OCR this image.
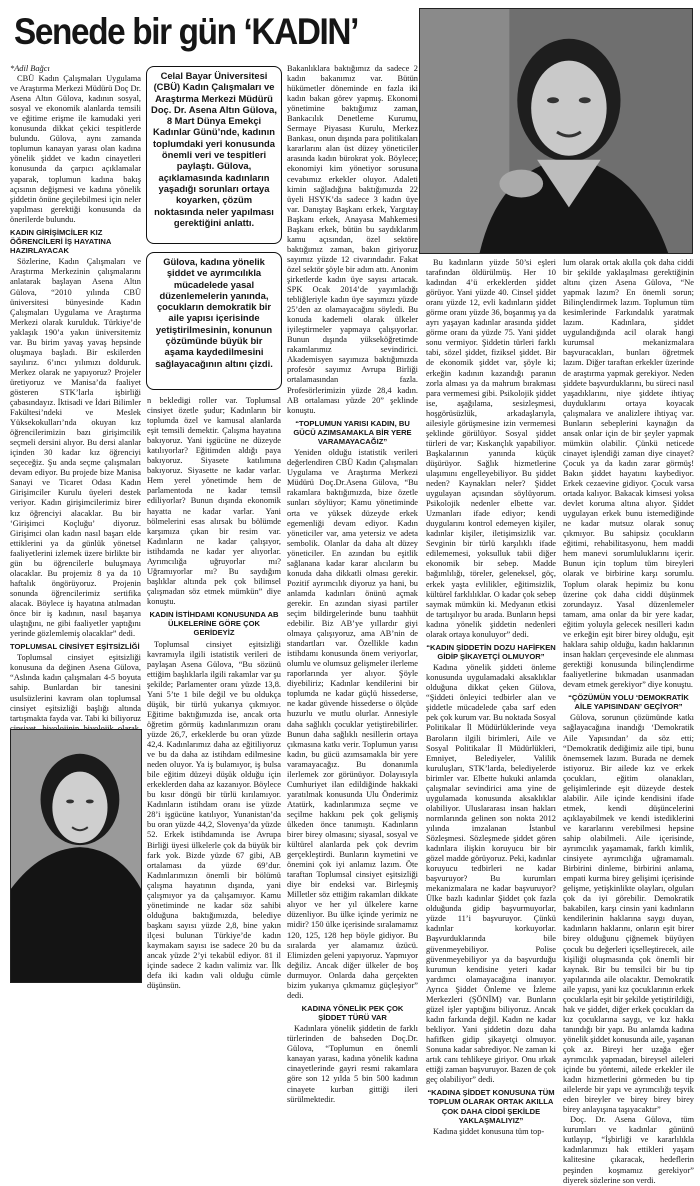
Senede bir gün ‘KADIN’
Celal Bayar Üniversitesi (CBÜ) Kadın Çalışmaları ve Araştırma Merkezi Müdürü Doç. Dr. Asena Altın Gülova, 8 Mart Dünya Emekçi Kadınlar Günü’nde, kadının toplumdaki yeri konusunda önemli veri ve tespitleri paylaştı. Gülova, açıklamasında kadınların yaşadığı sorunları ortaya koyarken, çözüm noktasında neler yapılması gerektiğini anlattı.
Gülova, kadına yönelik şiddet ve ayrımcılıkla mücadelede yasal düzenlemelerin yanında, çocukların demokratik bir aile yapısı içerisinde yetiştirilmesinin, konunun çözümünde büyük bir aşama kaydedilmesini sağlayacağının altını çizdi.

*Adil Bağcı

CBÜ Kadın Çalışmaları Uygulama ve Araştırma Merkezi Müdürü Doç Dr. Asena Altın Gülova, kadının sosyal, sosyal ve ekonomik alanlarda temsili ve eğitime erişme ile kamudaki yeri konusunda dikkat çekici tespitlerde bulundu. Gülova, aynı zamanda toplumun kanayan yarası olan kadına yönelik şiddet ve kadın cinayetleri konusunda da çarpıcı açıklamalar yaparak, toplumun kadına bakış açısının değişmesi ve kadına yönelik şiddetin önüne geçilebilmesi için neler yapılması gerektiği konusunda da önerilerde bulundu.

KADIN GİRİŞİMCİLER KIZ ÖĞRENCİLERİ İŞ HAYATINA HAZIRLAYACAK

Sözlerine, Kadın Çalışmaları ve Araştırma Merkezinin çalışmalarını anlatarak başlayan Asena Altın Gülova, “2010 yılında CBÜ üniversitesi bünyesinde Kadın Çalışmaları Uygulama ve Araştırma Merkezi olarak kurulduk. Türkiye’de yaklaşık 190’a yakın üniversitemiz var. Bu birim yavaş yavaş hepsinde oluşmaya başladı. Bir eskilerden sayılırız. 6’ıncı yılımızı dolduruk. Merkez olarak ne yapıyoruz? Projeler üretiyoruz ve Manisa’da faaliyet gösteren STK’larla işbirliği çabasındayız. İktisadi ve İdari Bilimler Fakültesi’ndeki ve Meslek Yüksekokulları’nda okuyan kız öğrencilerimizin bazı girişimcilik seçmeli dersini alıyor. Bu dersi alanlar içinden 30 kadar kız öğrenciyi seçeceğiz. Şu anda seçme çalışmaları devam ediyor. Bu projede bize Manisa Sanayi ve Ticaret Odası Kadın Girişimciler Kurulu üyeleri destek veriyor. Kadın girişimcilerimiz birer kız öğrenciyi alacaklar. Bu bir ‘Girişimci Koçluğu’ diyoruz. Girişimci olan kadın nasıl başarı elde ettiklerini ya da günlük yönetsel faaliyetlerini izlemek üzere birlikte bir gün bu öğrencilerle buluşmaya olacaklar. Bu projemiz 8 ya da 10 haftalık öngörüyoruz. Projenin sonunda öğrencilerimiz sertifika alacak. Böylece iş hayatına atılmadan önce bir iş kadının, nasıl başarıya ulaştığını, ne gibi faaliyetler yaptığını yerinde gözlemlemiş olacaklar” dedi.

TOPLUMSAL CİNSİYET EŞİTSİZLİĞİ

Toplumsal cinsiyet eşitsizliği konusuna da değinen Asena Gülova, “Aslında kadın çalışmaları 4-5 boyuta sahip. Bunlardan bir tanesini usulsüzlerini kavram olan toplumsal cinsiyet eşitsizliği başlığı altında tartışmakta fayda var. Tabi ki biliyoruz

n bekledigi roller var. Toplumsal cinsiyet özetle şudur; Kadınların bir toplumda özel ve kamusal alanlarda eşit temsili demektir. Çalışma hayatına bakıyoruz. Yani işgücüne ne düzeyde katılıyorlar? Eğitimden aldığı paya bakıyoruz. Siyasete katılımına bakıyoruz. Siyasette ne kadar varlar. Hem yerel yönetimde hem de parlamentoda ne kadar temsil ediliyorlar? Bunun dışında ekonomik hayatta ne kadar varlar. Yani bölmelerini esas alırsak bu bölümde karşımıza çıkan bir resim var. Kadınların ne kadar çalışıyor, istihdamda ne kadar yer alıyorlar. Ayrımcılığa uğruyorlar mı? Uğramıyorlar mı? Bu saydığım başlıklar altında pek çok bilimsel çalışmadan söz etmek mümkün” diye konuştu.

KADIN İSTİHDAMI KONUSUNDA AB ÜLKELERİNE GÖRE ÇOK GERİDEYİZ

Toplumsal cinsiyet eşitsizliği kavramıyla ilgili istatistik verileri de paylaşan Asena Gülova, “Bu sözünü ettiğim başlıklarla ilgili rakamlar var şu şekilde; Parlamenter oranı yüzde 13,8. Yani 5’te 1 bile değil ve bu oldukça düşük, bir türlü yukarıya çıkmıyor. Eğitime baktığımızda ise, ancak orta öğretim görmüş kadınlarımızın oranı yüzde 26,7, erkeklerde bu oran yüzde 42,4. Kadınlarımız daha az eğitiliyoruz ve bu da daha az istihdam edilmesine neden oluyor. Ya iş bulamıyor, iş bulsa bile eğitim düzeyi düşük olduğu için erkeklerden daha az kazanıyor. Böylece bu kısır döngü bir türlü kırılamıyor. Kadınların istihdam oranı ise yüzde 28’i işgücüne katılıyor, Yunanistan’da bu oran yüzde 44,2, Slovenya’da yüzde 52. Erkek istihdamında ise Avrupa Birliği üyesi ülkelerle çok da büyük bir fark yok. Bizde yüzde 67 gibi, AB ortalaması da yüzde 69’dur. Kadınlarımızın önemli bir bölümü çalışma hayatının dışında, yani çalışmıyor ya da çalışamıyor. Kamu yönetiminde ne kadar söz sahibi olduğuna baktığımızda, belediye başkanı sayısı yüzde 2,8, bine yakın ilçesi bulunan Türkiye’de kadın kaymakam sayısı ise sadece 20 bu da ancak yüzde 2’yi tekabül ediyor. 81 il içinde sadece 2 kadın valimiz var. İlk defa iki kadın vali olduğu cümle düşünsün.

Bakanlıklara baktığımız da sadece 2 kadın bakanımız var. Bütün hükümetler döneminde en fazla iki kadın bakan görev yapmış. Ekonomi yönetimine baktığımız zaman, Bankacılık Denetleme Kurumu, Sermaye Piyasası Kurulu, Merkez Bankası, onun dışında para politikaları kararlarını alan üst düzey yöneticiler arasında kadın bürokrat yok. Böylece; ekonomiyi kim yönetiyor sorusuna cevabımız erkekler oluyor. Adaleti kimin sağladığına baktığımızda 22 üyeli HSYK’da sadece 3 kadın üye var. Danıştay Başkanı erkek, Yargıtay Başkanı erkek, Anayasa Mahkemesi Başkanı erkek, bütün bu saydıklarım kamu açısından, özel sektöre baktığımız zaman, bakın giriyoruz sayımız yüzde 12 civarındadır. Fakat özel sektör şöyle bir adım attı. Anonim şirketlerde kadın üye sayısı artacak. SPK Ocak 2014’de yayımladığı tebliğleriyle kadın üye sayımızı yüzde 25’den az olamayacağını söyledi. Bu konuda kademeli olarak ülkeler iyileştirmeler yapmaya çalışıyorlar. Bunun dışında yükseköğretimde rakamlarımız sevindirici. Akademisyen sayımıza baktığımızda profesör sayımız Avrupa Birliği ortalamasından fazla. Profesörlerimizin yüzde 28,4 kadın. AB ortalaması yüzde 20” şeklinde konuştu.

“TOPLUMUN YARISI KADIN, BU GÜCÜ AZIMSAMAKLA BİR YERE VARAMAYACAĞIZ”

Yeniden olduğu istatistik verileri değerlendiren CBÜ Kadın Çalışmaları Uygulama ve Araştırma Merkezi Müdürü Doç.Dr.Asena Gülova, “Bu rakamlara baktığımızda, bize özetle sunları söylüyor; Kamu yönetiminde orta ve yüksek düzeyde erkek egemenliği devam ediyor. Kadın yöneticiler var, ama yetersiz ve adeta sembolik. Olanlar da daha alt düzey yöneticiler. En azından bu eşitlik sağlanana kadar karar alıcıların bu konuda daha dikkatli olması gerekir. Pozitif ayrımcılık diyoruz ya hani, bu anlamda kadınları önünü açmak gerekir. En azından siyasi partiler seçim bildirgelerinde bunu taahhüt edebilir. Biz AB’ye yıllardır giyi olmaya çalışıyoruz, ama AB’nin de standartları var. Özellikle kadın istihdamı konusunda önem veriyorlar, olumlu ve olumsuz gelişmeler ilerleme raporlarında yer alıyor. Şöyle diyebiliriz; Kadınlar kendilerini bir toplumda ne kadar güçlü hissederse, ne kadar güvende hissederse o ölçüde huzurlu ve mutlu olurlar. Annesiyle daha sağlıklı çocuklar yetiştirebilirler. Bunun daha sağlıklı nesillerin ortaya çıkmasına katkı verir. Toplumun yarısı kadın, bu gücü azımsamakla bir yere varamayacağız. Bu donanımla ilerlemek zor görünüyor. Dolayısıyla Cumhuriyet ilan edildiğinde hakkaki yaratılmak konusunda Ulu Önderimiz Atatürk, kadınlarımıza seçme ve seçilme hakkını pek çok gelişmiş ülkeden önce tanımıştı. Kadınların birer birey olmasını; siyasal, sosyal ve kültürel alanlarda pek çok devrim gerçekleştirdi. Bunların kıymetini ve önemini çok iyi anlamız lazım. Öte taraftan Toplumsal cinsiyet eşitsizliği diye bir endeksi var. Birleşmiş Milletler söz ettiğim rakamları dikkate alıyor ve her yıl ülkelere karne düzenliyor. Bu ülke içinde yerimiz ne midir? 150 ülke içerisinde sıralamamız 120, 125, 128 hep böyle gidiyor. Bu sıralarda yer alamamız üzücü. Elimizden geleni yapıyoruz. Yapmıyor değiliz. Ancak diğer ülkeler de boş durmuyor. Onlarda daha gerçekten bizim yukarıya çıkmamız güçleşiyor” dedi.

KADINA YÖNELİK PEK ÇOK ŞİDDET TÜRÜ VAR

Kadınlara yönelik şiddetin de farklı türlerinden de bahseden Doç.Dr. Gülova, “Toplumun en önemli kanayan yarası, kadına yönelik kadına cinayetlerinde gayri resmi rakamlara göre son 12 yılda 5 bin 500 kadının cinayete kurban gittiği ileri sürülmektedir.

Bu kadınların yüzde 50’si eşleri tarafından öldürülmüş. Her 10 kadından 4’ü erkeklerden şiddet görüyor. Yani yüzde 40. Cinsel şiddet oranı yüzde 12, evli kadınların şiddet görme oranı yüzde 36, boşanmış ya da ayrı yaşayan kadınlar arasında şiddet görme oranı da yüzde 75. Yani şiddet sonu vermiyor. Şiddetin türleri farklı tabi, sözel şiddet, fiziksel şiddet. Bir de ekonomik şiddet var, şöyle ki; erkeğin kadının kazandığı paranın zorla alması ya da mahrum bırakması para vermemesi gibi. Psikolojik şiddet ise, aşağılama, sesizleşmesi, hoşgörüsüzlük, arkadaşlarıyla, ailesiyle görüşmesine izin vermemesi şeklinde görülüyor. Sosyal şiddet türleri de var; Kıskançlık yapabiliyor. Başkalarının yanında küçük düşürüyor. Sağlık hizmetlerine ulaşımını engelleyebiliyor. Bu şiddet neden? Kaynakları neler? Şiddet uygulayan açısından söylüyorum. Psikolojik nedenler elbette var. Uzmanları ifade ediyor; kendi duygularını kontrol edemeyen kişiler, kadınlar kişiler, iletişimsizlik var. Sevginin bir türlü karşılıklı ifade edilememesi, yoksulluk tabii diğer ekonomik bir sebep. Madde bağımlılığı, töreler, geleneksel, göç, erkek yaşta evlilikler, eğitimsizlik, kültürel farklılıklar. O kadar çok sebep saymak mümkün ki. Medyanın etkisi de tartışılıyor bu arada. Bunların hepsi kadına yönelik şiddetin nedenleri olarak ortaya konuluyor” dedi.

“KADIN ŞİDDETİN DOZU HAFİFKEN GİDİP ŞİKAYETÇİ OLMUYOR”

Kadına yönelik şiddeti önleme konusunda uygulamadaki aksaklıklar olduğuna dikkat çeken Gülova, “Şiddeti önleyici tedbirler alan ve şiddetle mücadelede çaba sarf eden pek çok kurum var. Bu noktada Sosyal Politikalar İl Müdürlüklerinde veya Baroların ilgili birimleri, Aile ve Sosyal Politikalar İl Müdürlükleri, Emniyet, Belediyeler, Valilik kuruluşları, STK’larda, belediyelerde birimler var. Elbette hukuki anlamda çalışmalar sevindirici ama yine de uygulamada konusunda aksaklıklar olabiliyor. Uluslararası insan hakları normlarında gelinen son nokta 2012 yılında imzalanan İstanbul Sözleşmesi. Sözleşmede şiddet gören kadınlara ilişkin koruyucu bir bir gözel madde görüyoruz. Peki, kadınlar koruyucu tedbirleri ne kadar başvuruyor? Bu kurumları mekanizmalara ne kadar başvuruyor? Ülke bazlı kadınlar Şiddet çok fazla olduğunda gidip başvurmuyorlar, yüzde 11’i başvuruyor. Çünkü kadınlar korkuyorlar. Başvurduklarında bile güvenmeyebiliyor. Polise güvenmeyebiliyor ya da başvurduğu kurumun kendisine yeteri kadar yardımcı olamayacağına inanıyor. Ayrıca Şiddet Önleme ve İzleme Merkezleri (ŞÖNİM) var. Bunların güzel işler yaptığını biliyoruz. Ancak kadın farkında değil. Kadın ne kadar bekliyor. Yani şiddetin dozu daha hafifken gidip şikayetçi olmuyor. Sonuna kadar sabrediyor. Ne zaman ki artık canı tehlikeye giriyor. Onu ırkak ettiği zaman başvuruyor. Bazen de çok geç olabiliyor” dedi.

“KADINA ŞİDDET KONUSUNA TÜM TOPLUM OLARAK ORTAK AKILLA ÇOK DAHA CİDDİ ŞEKİLDE YAKLAŞMALIYIZ”

Kadına şiddet konusuna tüm top-

lum olarak ortak akılla çok daha ciddi bir şekilde yaklaşılması gerektiğinin altını çizen Asena Gülova, “Ne yapmak lazım? En önemli sorun; Bilinçlendirmek lazım. Toplumun tüm kesimlerinde Farkındalık yaratmak lazım. Kadınlara, şiddet uygulandığında acil olarak hangi kurumsal mekanizmalara başvuracakları, bunları öğretmek lazım. Diğer taraftan erkekler üzerinde de araştırma yapmak gerekiyor. Neden şiddete başvurduklarını, bu süreci nasıl yaşadıklarını, niye şiddete ihtiyaç duyduklarını ortaya koyacak çalışmalara ve analizlere ihtiyaç var. Bunların sebeplerini kaynağın da ansak onlar için de bir şeyler yapmak mümkün olabilir. Çünkü neticede cinayet işlendiği zaman diye cinayet? Çocuk ya da kadın zarar görmüş! Bakın şiddet hayatını kaybediyor. Erkek cezaevine gidiyor. Çocuk varsa ortada kalıyor. Bakacak kimsesi yoksa devlet koruma altına alıyor. Şiddet uygulayan erkek bunu istemediğinde ne kadar mutsuz olarak sonuç çıkmıyor. Bu sahipsiz çocukların eğitimi, rehabilitasyonu, hem maddi hem manevi sorumluluklarını içerir. Bunun için toplum tüm bireyleri olarak ve birbirine karşı sorumlu. Toplum olarak hepimiz bu konu üzerine çok daha ciddi düşünmek zorundayız. Yasal düzenlemeler tamam, ama onlar da bir yere kadar, eğitim yoluyla gelecek nesilleri kadın ve erkeğin eşit birer birey olduğu, eşit haklara sahip olduğu, kadın haklarının insan hakları çerçevesinde ele alınması gerektiği konusunda bilinçlendirme faaliyetlerine bıkmadan usanmadan devam etmek gerekiyor” diye konuştu.

“ÇÖZÜMÜN YOLU ‘DEMOKRATİK AİLE YAPISINDAN’ GEÇİYOR”

Gülova, sorunun çözümünde katkı sağlayacağına inandığı ‘Demokratik Aile Yapısından’ da söz etti; “Demokratik dediğimiz aile tipi, bunu önemsemek lazım. Burada ne demek istiyoruz. Bir ailede kız ve erkek çocukları, eğitim olanakları, gelişimlerinde eşit düzeyde destek alabilir. Aile içinde kendisini ifade etmek, kendi düşüncelerini açıklayabilmek ve kendi istediklerini ve kararlarını verebilmesi hepsine sahip olabilmeli. Aile içerisinde, ayrımcılık yaşamamak, farklı kimlik, cinsiyete ayrımcılığa uğramamalı. Birbirini dinleme, birbirini anlama, empati kurma birey gelişimi içerisinde gelişme, yetişkinlikte olayları, olguları çok da iyi görebilir. Demokratik bakabilen, karşı cinsin yani kadınların kendilerinin haklarına saygı duyan, kadınların haklarını, onların eşit birer birey olduğunu çiğnemek büyüyen çocuk bu değerleri içselleştirecek, aile kişiliği oluşmasında çok önemli bir kaynak. Bir bu temsilci bir bu tip yapılarında aile olacaktır. Demokratik aile yapısı, yani kız çocuklarının erkek çocuklarla eşit bir şekilde yetiştirildiği, hak ve şiddet, diğer erkek çocukları da kız çocuklarına saygı, ve kız hakkı tanındığı bir yapı. Bu anlamda kadına yönelik şiddet konusunda aile, yaşanan çok az. Bireyi her uzağa eğer ayrımcılık yapmadan, bireysel aileleri içinde bu yöntemi, ailede erkekler ile kadın hizmetlerini görmeden bu tip ailelerde bir yapı ve ayrımcılığı teşvik eden bireyler ve birey birey birey birey anlayışına taşıyacaktır”

Doç. Dr. Asena Gülova, tüm kurumları ve kadınlar gününü kutlayıp, “İşbirliği ve kararlılıkla kadınlarımızı hak ettikleri yaşam kalitesine çıkaracak, hedeflerin peşinden koşmamız gerekiyor” diyerek sözlerine son verdi.
